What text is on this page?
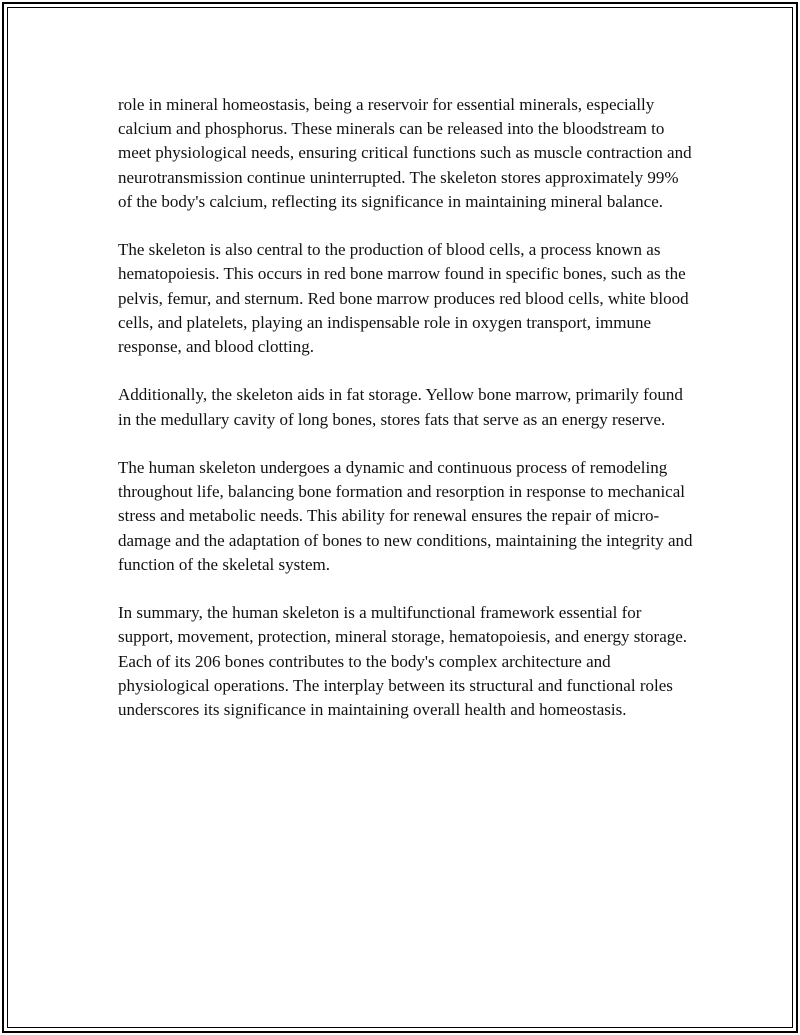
role in mineral homeostasis, being a reservoir for essential minerals, especially calcium and phosphorus. These minerals can be released into the bloodstream to meet physiological needs, ensuring critical functions such as muscle contraction and neurotransmission continue uninterrupted. The skeleton stores approximately 99% of the body's calcium, reflecting its significance in maintaining mineral balance.

The skeleton is also central to the production of blood cells, a process known as hematopoiesis. This occurs in red bone marrow found in specific bones, such as the pelvis, femur, and sternum. Red bone marrow produces red blood cells, white blood cells, and platelets, playing an indispensable role in oxygen transport, immune response, and blood clotting.

Additionally, the skeleton aids in fat storage. Yellow bone marrow, primarily found in the medullary cavity of long bones, stores fats that serve as an energy reserve.

The human skeleton undergoes a dynamic and continuous process of remodeling throughout life, balancing bone formation and resorption in response to mechanical stress and metabolic needs. This ability for renewal ensures the repair of micro-damage and the adaptation of bones to new conditions, maintaining the integrity and function of the skeletal system.

In summary, the human skeleton is a multifunctional framework essential for support, movement, protection, mineral storage, hematopoiesis, and energy storage. Each of its 206 bones contributes to the body's complex architecture and physiological operations. The interplay between its structural and functional roles underscores its significance in maintaining overall health and homeostasis.
